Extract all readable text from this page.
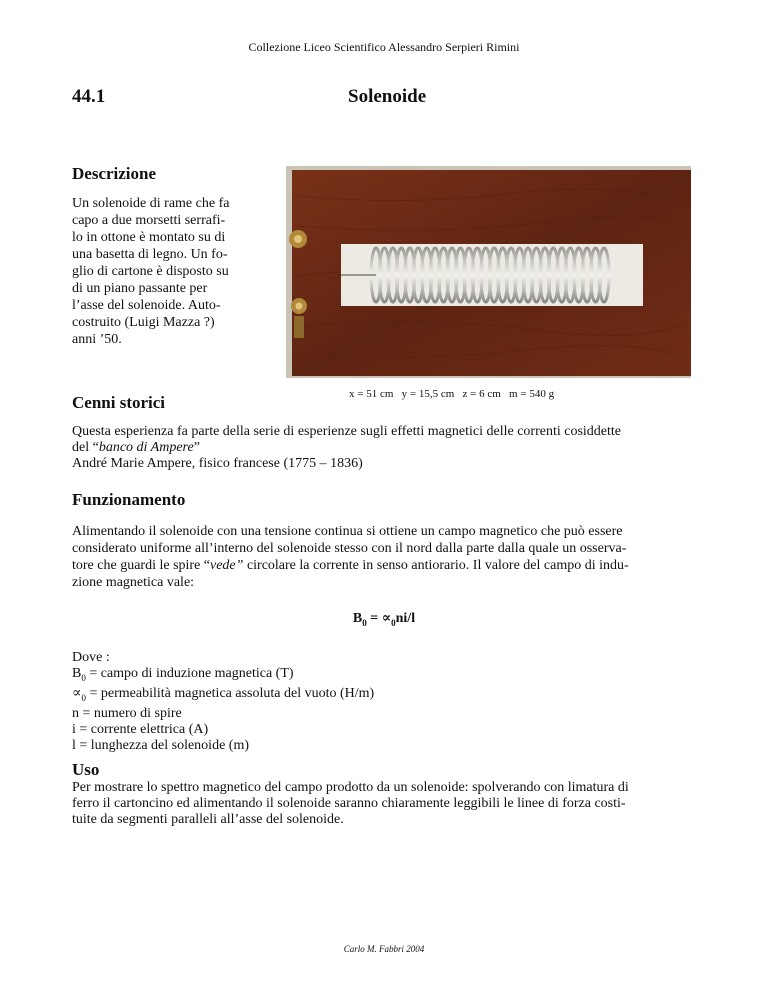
Collezione Liceo Scientifico Alessandro Serpieri Rimini
44.1	Solenoide
Descrizione

Un solenoide di rame che fa
capo a due morsetti serrafi-
lo in ottone è montato su di
una basetta di legno. Un fo-
glio di cartone è disposto su
di un piano passante per
l’asse del solenoide. Auto-
costruito (Luigi Mazza ?)
anni ’50.

Cenni storici	x = 51 cm   y = 15,5 cm   z = 6 cm   m = 540 g

Questa esperienza fa parte della serie di esperienze sugli effetti magnetici delle correnti cosiddette
del “banco di Ampere”
André Marie Ampere, fisico francese (1775 – 1836)

Funzionamento

Alimentando il solenoide con una tensione continua si ottiene un campo magnetico che può essere
considerato uniforme all’interno del solenoide stesso con il nord dalla parte dalla quale un osserva-
tore che guardi le spire “vede” circolare la corrente in senso antiorario. Il valore del campo di indu-
zione magnetica vale:

$B_0 = \propto_0ni/l$

Dove :
$B_0$ = campo di induzione magnetica (T)
$\propto_0$ = permeabilità magnetica assoluta del vuoto (H/m)
n = numero di spire
i = corrente elettrica (A)
l = lunghezza del solenoide (m)

Uso

Per mostrare lo spettro magnetico del campo prodotto da un solenoide: spolverando con limatura di
ferro il cartoncino ed alimentando il solenoide saranno chiaramente leggibili le linee di forza costi-
tuite da segmenti paralleli all’asse del solenoide.

Carlo M. Fabbri 2004
